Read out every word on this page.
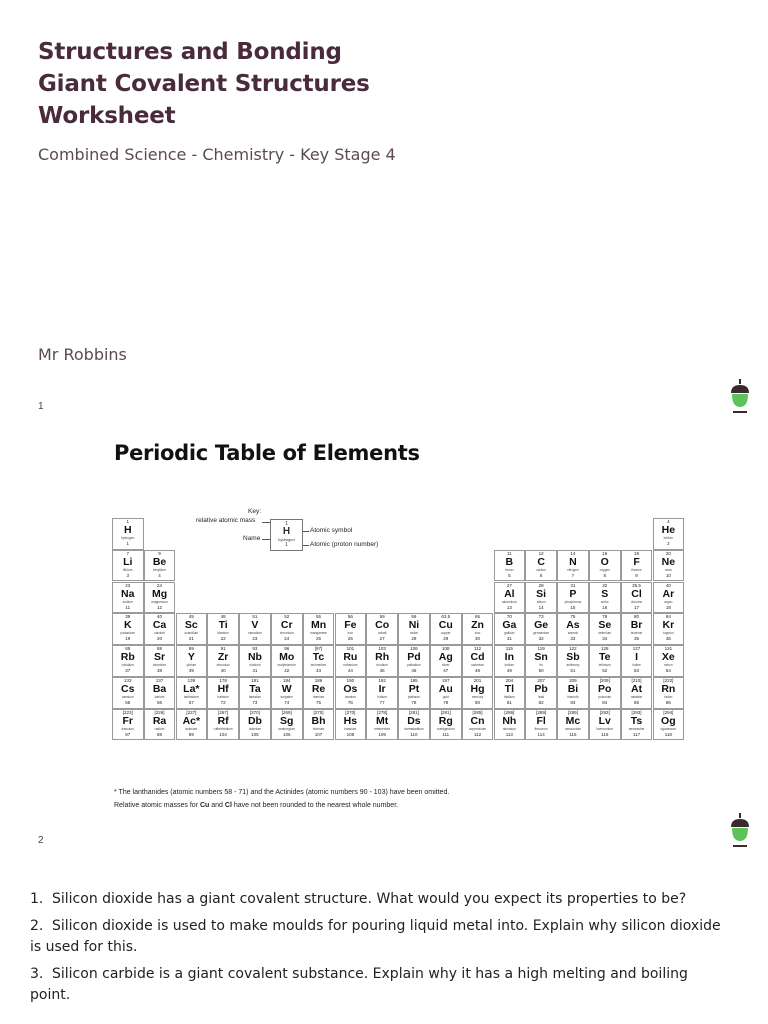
Structures and Bonding
Giant Covalent Structures
Worksheet
Combined Science - Chemistry - Key Stage 4
Mr Robbins
1
2
Periodic Table of Elements
Key:
relative atomic mass
Name
Atomic symbol
Atomic (proton number)
1
H
hydrogen
1
1
H
hydrogen
1
4
He
helium
2
7
Li
lithium
3
9
Be
beryllium
4
11
B
boron
5
12
C
carbon
6
14
N
nitrogen
7
16
O
oxygen
8
19
F
fluorine
9
20
Ne
neon
10
23
Na
sodium
11
24
Mg
magnesium
12
27
Al
aluminium
13
28
Si
silicon
14
31
P
phosphorus
15
32
S
sulfur
16
35.5
Cl
chlorine
17
40
Ar
argon
18
39
K
potassium
19
40
Ca
calcium
20
45
Sc
scandium
21
48
Ti
titanium
22
51
V
vanadium
23
52
Cr
chromium
24
55
Mn
manganese
25
56
Fe
iron
26
59
Co
cobalt
27
59
Ni
nickel
28
63.5
Cu
copper
29
65
Zn
zinc
30
70
Ga
gallium
31
73
Ge
germanium
32
75
As
arsenic
33
79
Se
selenium
34
80
Br
bromine
35
84
Kr
krypton
36
85
Rb
rubidium
37
88
Sr
strontium
38
89
Y
yttrium
39
91
Zr
zirconium
40
93
Nb
niobium
41
96
Mo
molybdenum
42
[97]
Tc
technetium
43
101
Ru
ruthenium
44
103
Rh
rhodium
45
106
Pd
palladium
46
108
Ag
silver
47
112
Cd
cadmium
48
115
In
indium
49
119
Sn
tin
50
122
Sb
antimony
51
128
Te
tellurium
52
127
I
iodine
53
131
Xe
xenon
54
133
Cs
caesium
55
137
Ba
barium
56
139
La*
lanthanum
57
178
Hf
hafnium
72
181
Ta
tantalum
73
184
W
tungsten
74
186
Re
rhenium
75
190
Os
osmium
76
192
Ir
iridium
77
195
Pt
platinum
78
197
Au
gold
79
201
Hg
mercury
80
204
Tl
thallium
81
207
Pb
lead
82
209
Bi
bismuth
83
[209]
Po
polonium
84
[210]
At
astatine
85
[222]
Rn
radon
86
[223]
Fr
francium
87
[226]
Ra
radium
88
[227]
Ac*
actinium
89
[267]
Rf
rutherfordium
104
[270]
Db
dubnium
105
[269]
Sg
seaborgium
106
[270]
Bh
bohrium
107
[270]
Hs
hassium
108
[278]
Mt
meitnerium
109
[281]
Ds
darmstadtium
110
[281]
Rg
roentgenium
111
[285]
Cn
copernicium
112
[286]
Nh
nihonium
113
[289]
Fl
flerovium
114
[289]
Mc
moscovium
115
[293]
Lv
livermorium
116
[293]
Ts
tennessine
117
[294]
Og
oganesson
118
* The lanthanides (atomic numbers 58 - 71) and the Actinides (atomic numbers 90 - 103) have been omitted.
Relative atomic masses for Cu and Cl have not been rounded to the nearest whole number.
1. Silicon dioxide has a giant covalent structure. What would you expect its properties to be?
2. Silicon dioxide is used to make moulds for pouring liquid metal into. Explain why silicon dioxide is used for this.
3. Silicon carbide is a giant covalent substance. Explain why it has a high melting and boiling point.
